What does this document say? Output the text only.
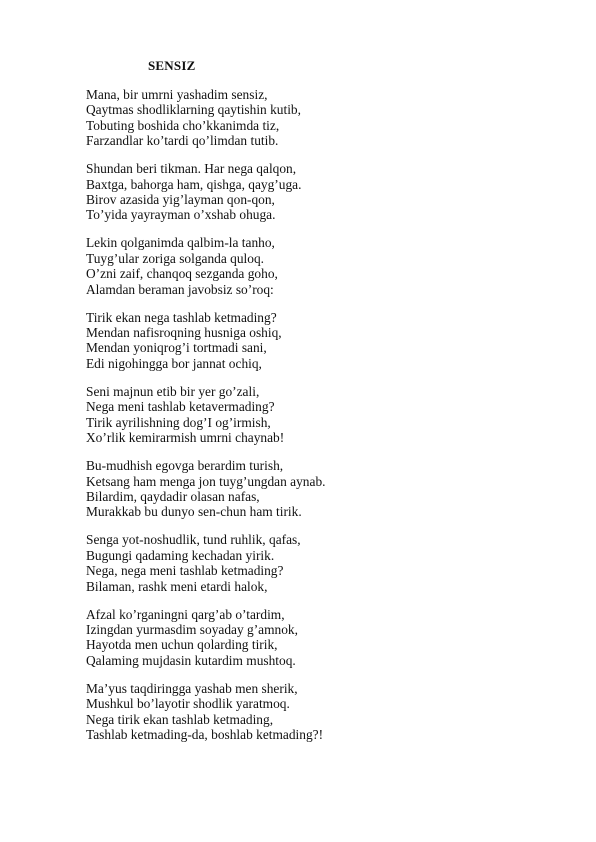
SENSIZ
Mana, bir umrni yashadim sensiz,
Qaytmas shodliklarning qaytishin kutib,
Tobuting boshida cho’kkanimda tiz,
Farzandlar ko’tardi qo’limdan tutib.
Shundan beri tikman. Har nega qalqon,
Baxtga, bahorga ham, qishga, qayg’uga.
Birov azasida yig’layman qon-qon,
To’yida yayrayman o’xshab ohuga.
Lekin qolganimda qalbim-la tanho,
Tuyg’ular zoriga solganda quloq.
O’zni zaif, chanqoq sezganda goho,
Alamdan beraman javobsiz so’roq:
Tirik ekan nega tashlab ketmading?
Mendan nafisroqning husniga oshiq,
Mendan yoniqrog’i tortmadi sani,
Edi nigohingga bor jannat ochiq,
Seni majnun etib bir yer go’zali,
Nega meni tashlab ketavermading?
Tirik ayrilishning dog’I og’irmish,
Xo’rlik kemirarmish umrni chaynab!
Bu-mudhish egovga berardim turish,
Ketsang ham menga jon tuyg’ungdan aynab.
Bilardim, qaydadir olasan nafas,
Murakkab bu dunyo sen-chun ham tirik.
Senga yot-noshudlik, tund ruhlik, qafas,
Bugungi qadaming kechadan yirik.
Nega, nega meni tashlab ketmading?
Bilaman, rashk meni etardi halok,
Afzal ko’rganingni qarg’ab o’tardim,
Izingdan yurmasdim soyaday g’amnok,
Hayotda men uchun qolarding tirik,
Qalaming mujdasin kutardim mushtoq.
Ma’yus taqdiringga yashab men sherik,
Mushkul bo’layotir shodlik yaratmoq.
Nega tirik ekan tashlab ketmading,
Tashlab ketmading-da, boshlab ketmading?!
